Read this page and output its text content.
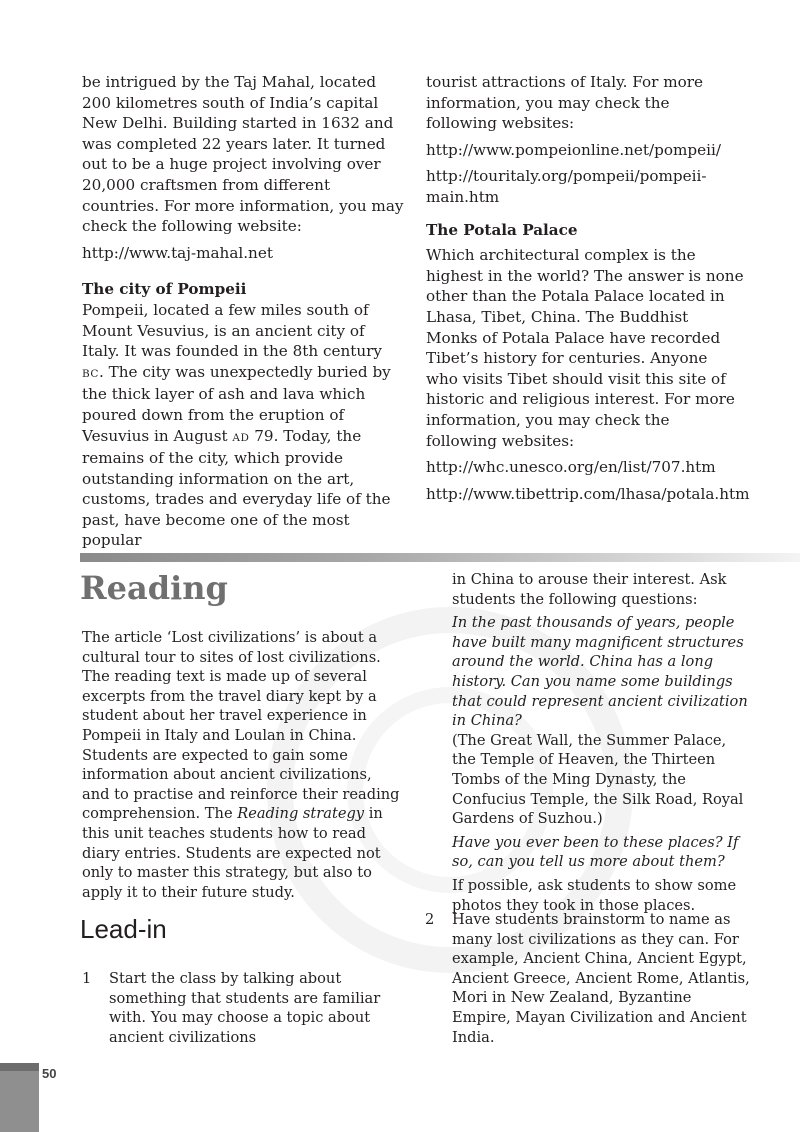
be intrigued by the Taj Mahal, located 200 kilometres south of India’s capital New Delhi. Building started in 1632 and was completed 22 years later. It turned out to be a huge project involving over 20,000 craftsmen from different countries. For more information, you may check the following website:

http://www.taj-mahal.net

The city of Pompeii

Pompeii, located a few miles south of Mount Vesuvius, is an ancient city of Italy. It was founded in the 8th century BC. The city was unexpectedly buried by the thick layer of ash and lava which poured down from the eruption of Vesuvius in August AD 79. Today, the remains of the city, which provide outstanding information on the art, customs, trades and everyday life of the past, have become one of the most popular

tourist attractions of Italy. For more information, you may check the following websites:

http://www.pompeionline.net/pompeii/

http://touritaly.org/pompeii/pompeii-main.htm

The Potala Palace

Which architectural complex is the highest in the world? The answer is none other than the Potala Palace located in Lhasa, Tibet, China. The Buddhist Monks of Potala Palace have recorded Tibet’s history for centuries. Anyone who visits Tibet should visit this site of historic and religious interest. For more information, you may check the following websites:

http://whc.unesco.org/en/list/707.htm

http://www.tibettrip.com/lhasa/potala.htm

Reading

The article ‘Lost civilizations’ is about a cultural tour to sites of lost civilizations. The reading text is made up of several excerpts from the travel diary kept by a student about her travel experience in Pompeii in Italy and Loulan in China. Students are expected to gain some information about ancient civilizations, and to practise and reinforce their reading comprehension. The Reading strategy in this unit teaches students how to read diary entries. Students are expected not only to master this strategy, but also to apply it to their future study.

Lead-in
1 Start the class by talking about something that students are familiar with. You may choose a topic about ancient civilizations

in China to arouse their interest. Ask students the following questions:

In the past thousands of years, people have built many magnificent structures around the world. China has a long history. Can you name some buildings that could represent ancient civilization in China?

(The Great Wall, the Summer Palace, the Temple of Heaven, the Thirteen Tombs of the Ming Dynasty, the Confucius Temple, the Silk Road, Royal Gardens of Suzhou.)

Have you ever been to these places? If so, can you tell us more about them?

If possible, ask students to show some photos they took in those places.

2 Have students brainstorm to name as many lost civilizations as they can. For example, Ancient China, Ancient Egypt, Ancient Greece, Ancient Rome, Atlantis, Mori in New Zealand, Byzantine Empire, Mayan Civilization and Ancient India.

50
